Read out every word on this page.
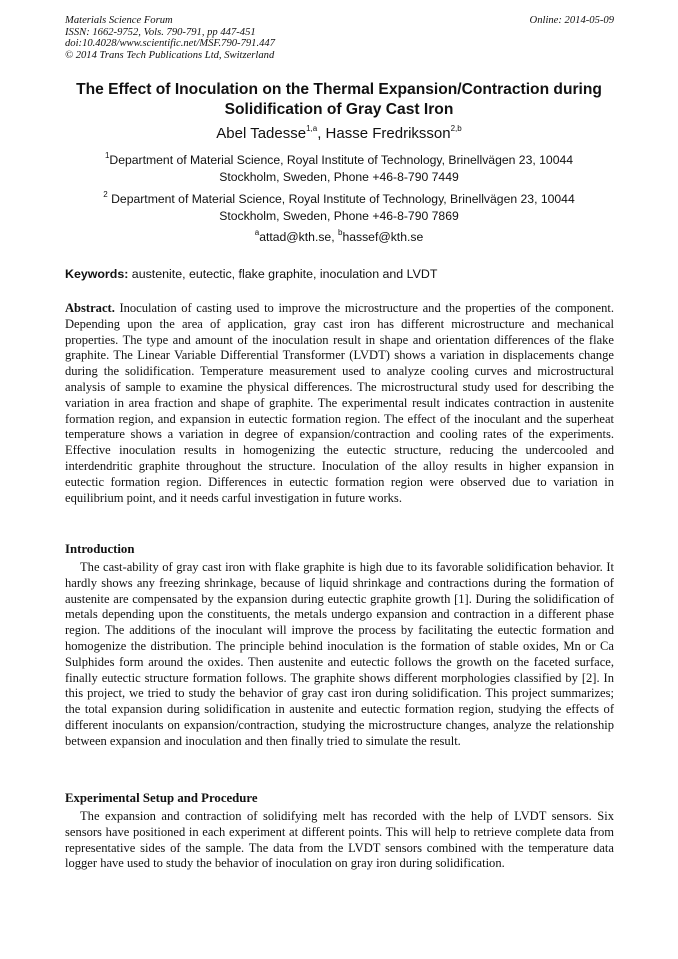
Materials Science Forum
ISSN: 1662-9752, Vols. 790-791, pp 447-451
doi:10.4028/www.scientific.net/MSF.790-791.447
© 2014 Trans Tech Publications Ltd, Switzerland
Online: 2014-05-09
The Effect of Inoculation on the Thermal Expansion/Contraction during
Solidification of Gray Cast Iron
Abel Tadesse$^{1,a}$, Hasse Fredriksson$^{2,b}$
$^1$Department of Material Science, Royal Institute of Technology, Brinellvägen 23, 10044
Stockholm, Sweden, Phone +46-8-790 7449
$^2$ Department of Material Science, Royal Institute of Technology, Brinellvägen 23, 10044
Stockholm, Sweden, Phone +46-8-790 7869
$^a$attad@kth.se, $^b$hassef@kth.se
Keywords: austenite, eutectic, flake graphite, inoculation and LVDT
Abstract. Inoculation of casting used to improve the microstructure and the properties of the component. Depending upon the area of application, gray cast iron has different microstructure and mechanical properties. The type and amount of the inoculation result in shape and orientation differences of the flake graphite. The Linear Variable Differential Transformer (LVDT) shows a variation in displacements change during the solidification. Temperature measurement used to analyze cooling curves and microstructural analysis of sample to examine the physical differences. The microstructural study used for describing the variation in area fraction and shape of graphite. The experimental result indicates contraction in austenite formation region, and expansion in eutectic formation region. The effect of the inoculant and the superheat temperature shows a variation in degree of expansion/contraction and cooling rates of the experiments. Effective inoculation results in homogenizing the eutectic structure, reducing the undercooled and interdendritic graphite throughout the structure. Inoculation of the alloy results in higher expansion in eutectic formation region. Differences in eutectic formation region were observed due to variation in equilibrium point, and it needs carful investigation in future works.
Introduction
The cast-ability of gray cast iron with flake graphite is high due to its favorable solidification behavior. It hardly shows any freezing shrinkage, because of liquid shrinkage and contractions during the formation of austenite are compensated by the expansion during eutectic graphite growth [1]. During the solidification of metals depending upon the constituents, the metals undergo expansion and contraction in a different phase region. The additions of the inoculant will improve the process by facilitating the eutectic formation and homogenize the distribution. The principle behind inoculation is the formation of stable oxides, Mn or Ca Sulphides form around the oxides. Then austenite and eutectic follows the growth on the faceted surface, finally eutectic structure formation follows. The graphite shows different morphologies classified by [2]. In this project, we tried to study the behavior of gray cast iron during solidification. This project summarizes; the total expansion during solidification in austenite and eutectic formation region, studying the effects of different inoculants on expansion/contraction, studying the microstructure changes, analyze the relationship between expansion and inoculation and then finally tried to simulate the result.
Experimental Setup and Procedure
The expansion and contraction of solidifying melt has recorded with the help of LVDT sensors. Six sensors have positioned in each experiment at different points. This will help to retrieve complete data from representative sides of the sample. The data from the LVDT sensors combined with the temperature data logger have used to study the behavior of inoculation on gray iron during solidification.
